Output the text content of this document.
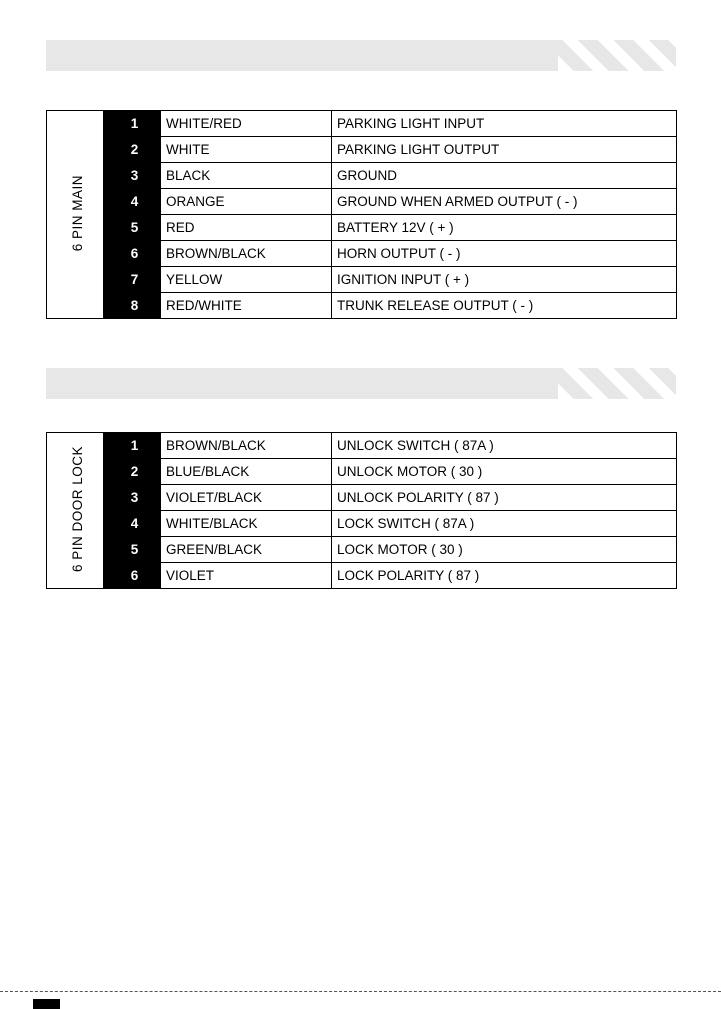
6 PIN MAIN	1	WHITE/RED	PARKING LIGHT INPUT
	2	WHITE	PARKING LIGHT OUTPUT
	3	BLACK	GROUND
	4	ORANGE	GROUND WHEN ARMED OUTPUT ( - )
	5	RED	BATTERY 12V ( + )
	6	BROWN/BLACK	HORN OUTPUT ( - )
	7	YELLOW	IGNITION INPUT ( + )
	8	RED/WHITE	TRUNK RELEASE OUTPUT ( - )
6 PIN DOOR LOCK	1	BROWN/BLACK	UNLOCK SWITCH ( 87A )
	2	BLUE/BLACK	UNLOCK MOTOR ( 30 )
	3	VIOLET/BLACK	UNLOCK POLARITY ( 87 )
	4	WHITE/BLACK	LOCK SWITCH ( 87A )
	5	GREEN/BLACK	LOCK MOTOR ( 30 )
	6	VIOLET	LOCK POLARITY ( 87 )
